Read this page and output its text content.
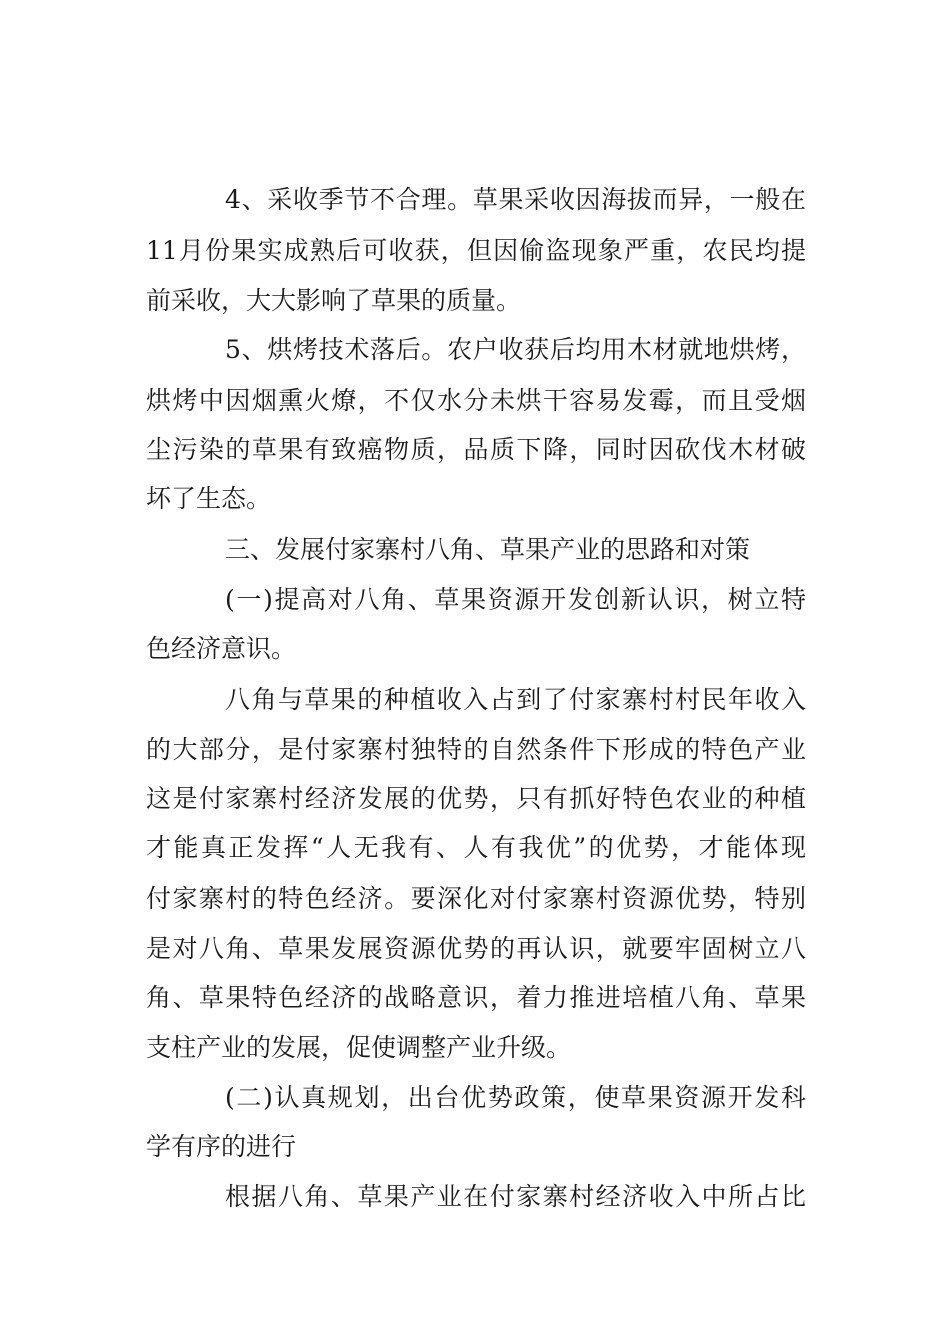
4、采收季节不合理。草果采收因海拔而异，一般在
11月份果实成熟后可收获，但因偷盗现象严重，农民均提
前采收，大大影响了草果的质量。
5、烘烤技术落后。农户收获后均用木材就地烘烤，
烘烤中因烟熏火燎，不仅水分未烘干容易发霉，而且受烟
尘污染的草果有致癌物质，品质下降，同时因砍伐木材破
坏了生态。
三、发展付家寨村八角、草果产业的思路和对策
(一)提高对八角、草果资源开发创新认识，树立特
色经济意识。
八角与草果的种植收入占到了付家寨村村民年收入
的大部分，是付家寨村独特的自然条件下形成的特色产业
这是付家寨村经济发展的优势，只有抓好特色农业的种植
才能真正发挥“人无我有、人有我优”的优势，才能体现
付家寨村的特色经济。要深化对付家寨村资源优势，特别
是对八角、草果发展资源优势的再认识，就要牢固树立八
角、草果特色经济的战略意识，着力推进培植八角、草果
支柱产业的发展，促使调整产业升级。
(二)认真规划，出台优势政策，使草果资源开发科
学有序的进行
根据八角、草果产业在付家寨村经济收入中所占比
